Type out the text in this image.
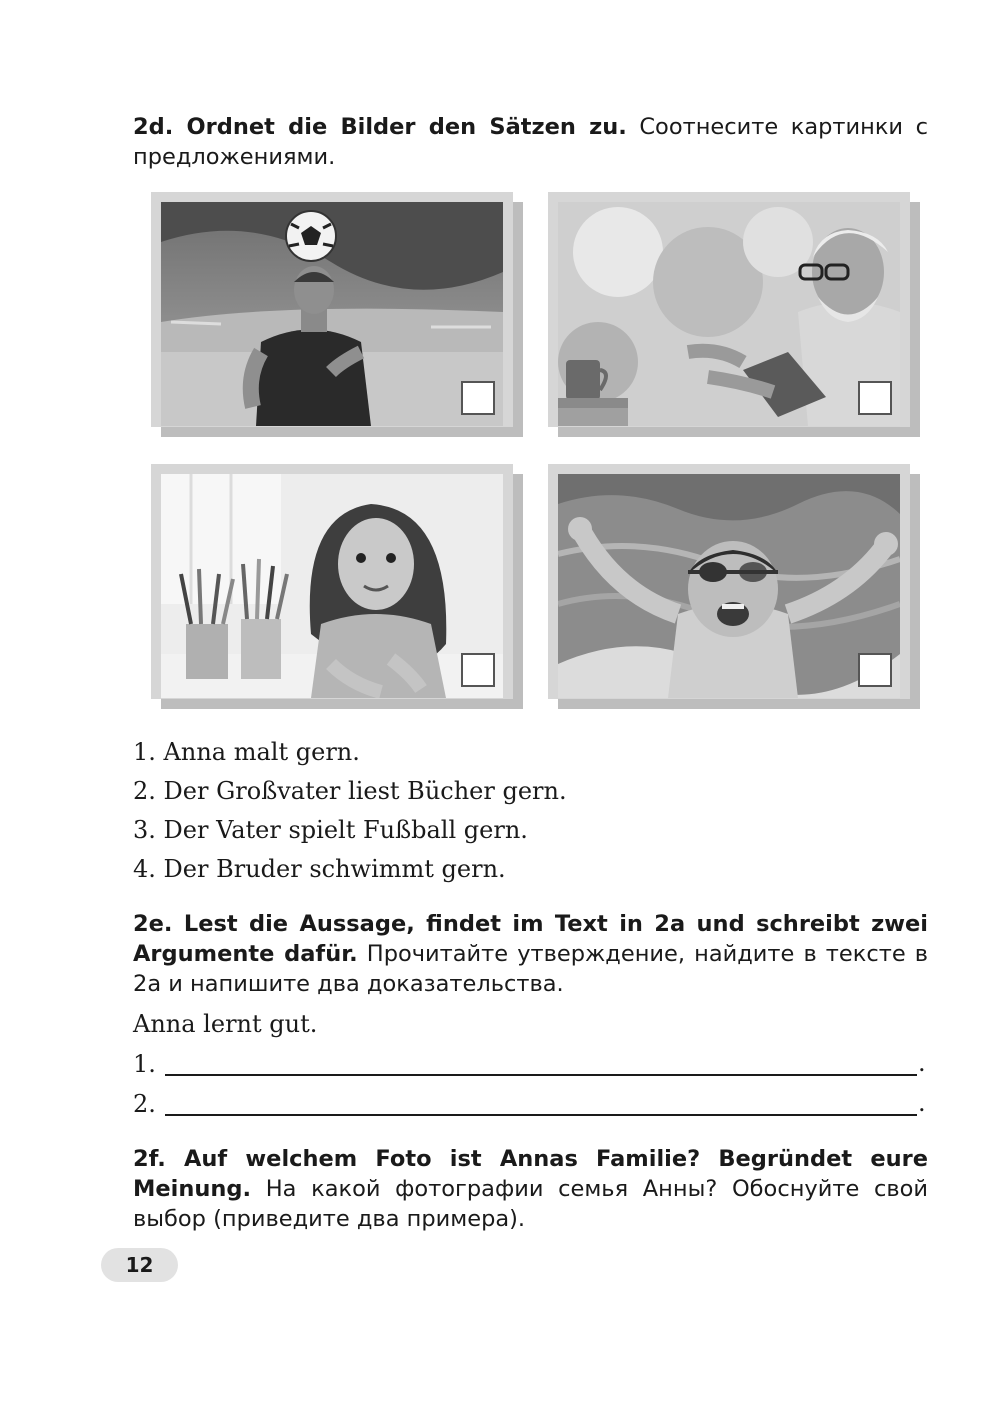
2d. Ordnet die Bilder den Sätzen zu. Соотнесите картинки с предложениями.
1. Anna malt gern.
2. Der Großvater liest Bücher gern.
3. Der Vater spielt Fußball gern.
4. Der Bruder schwimmt gern.
2e. Lest die Aussage, findet im Text in 2a und schreibt zwei Argumente dafür. Прочитайте утверждение, найдите в тексте в 2а и напишите два доказательства.
Anna lernt gut.
1.	.
2.	.
2f. Auf welchem Foto ist Annas Familie? Begründet eure Meinung. На какой фотографии семья Анны? Обоснуйте свой выбор (приведите два примера).
12
